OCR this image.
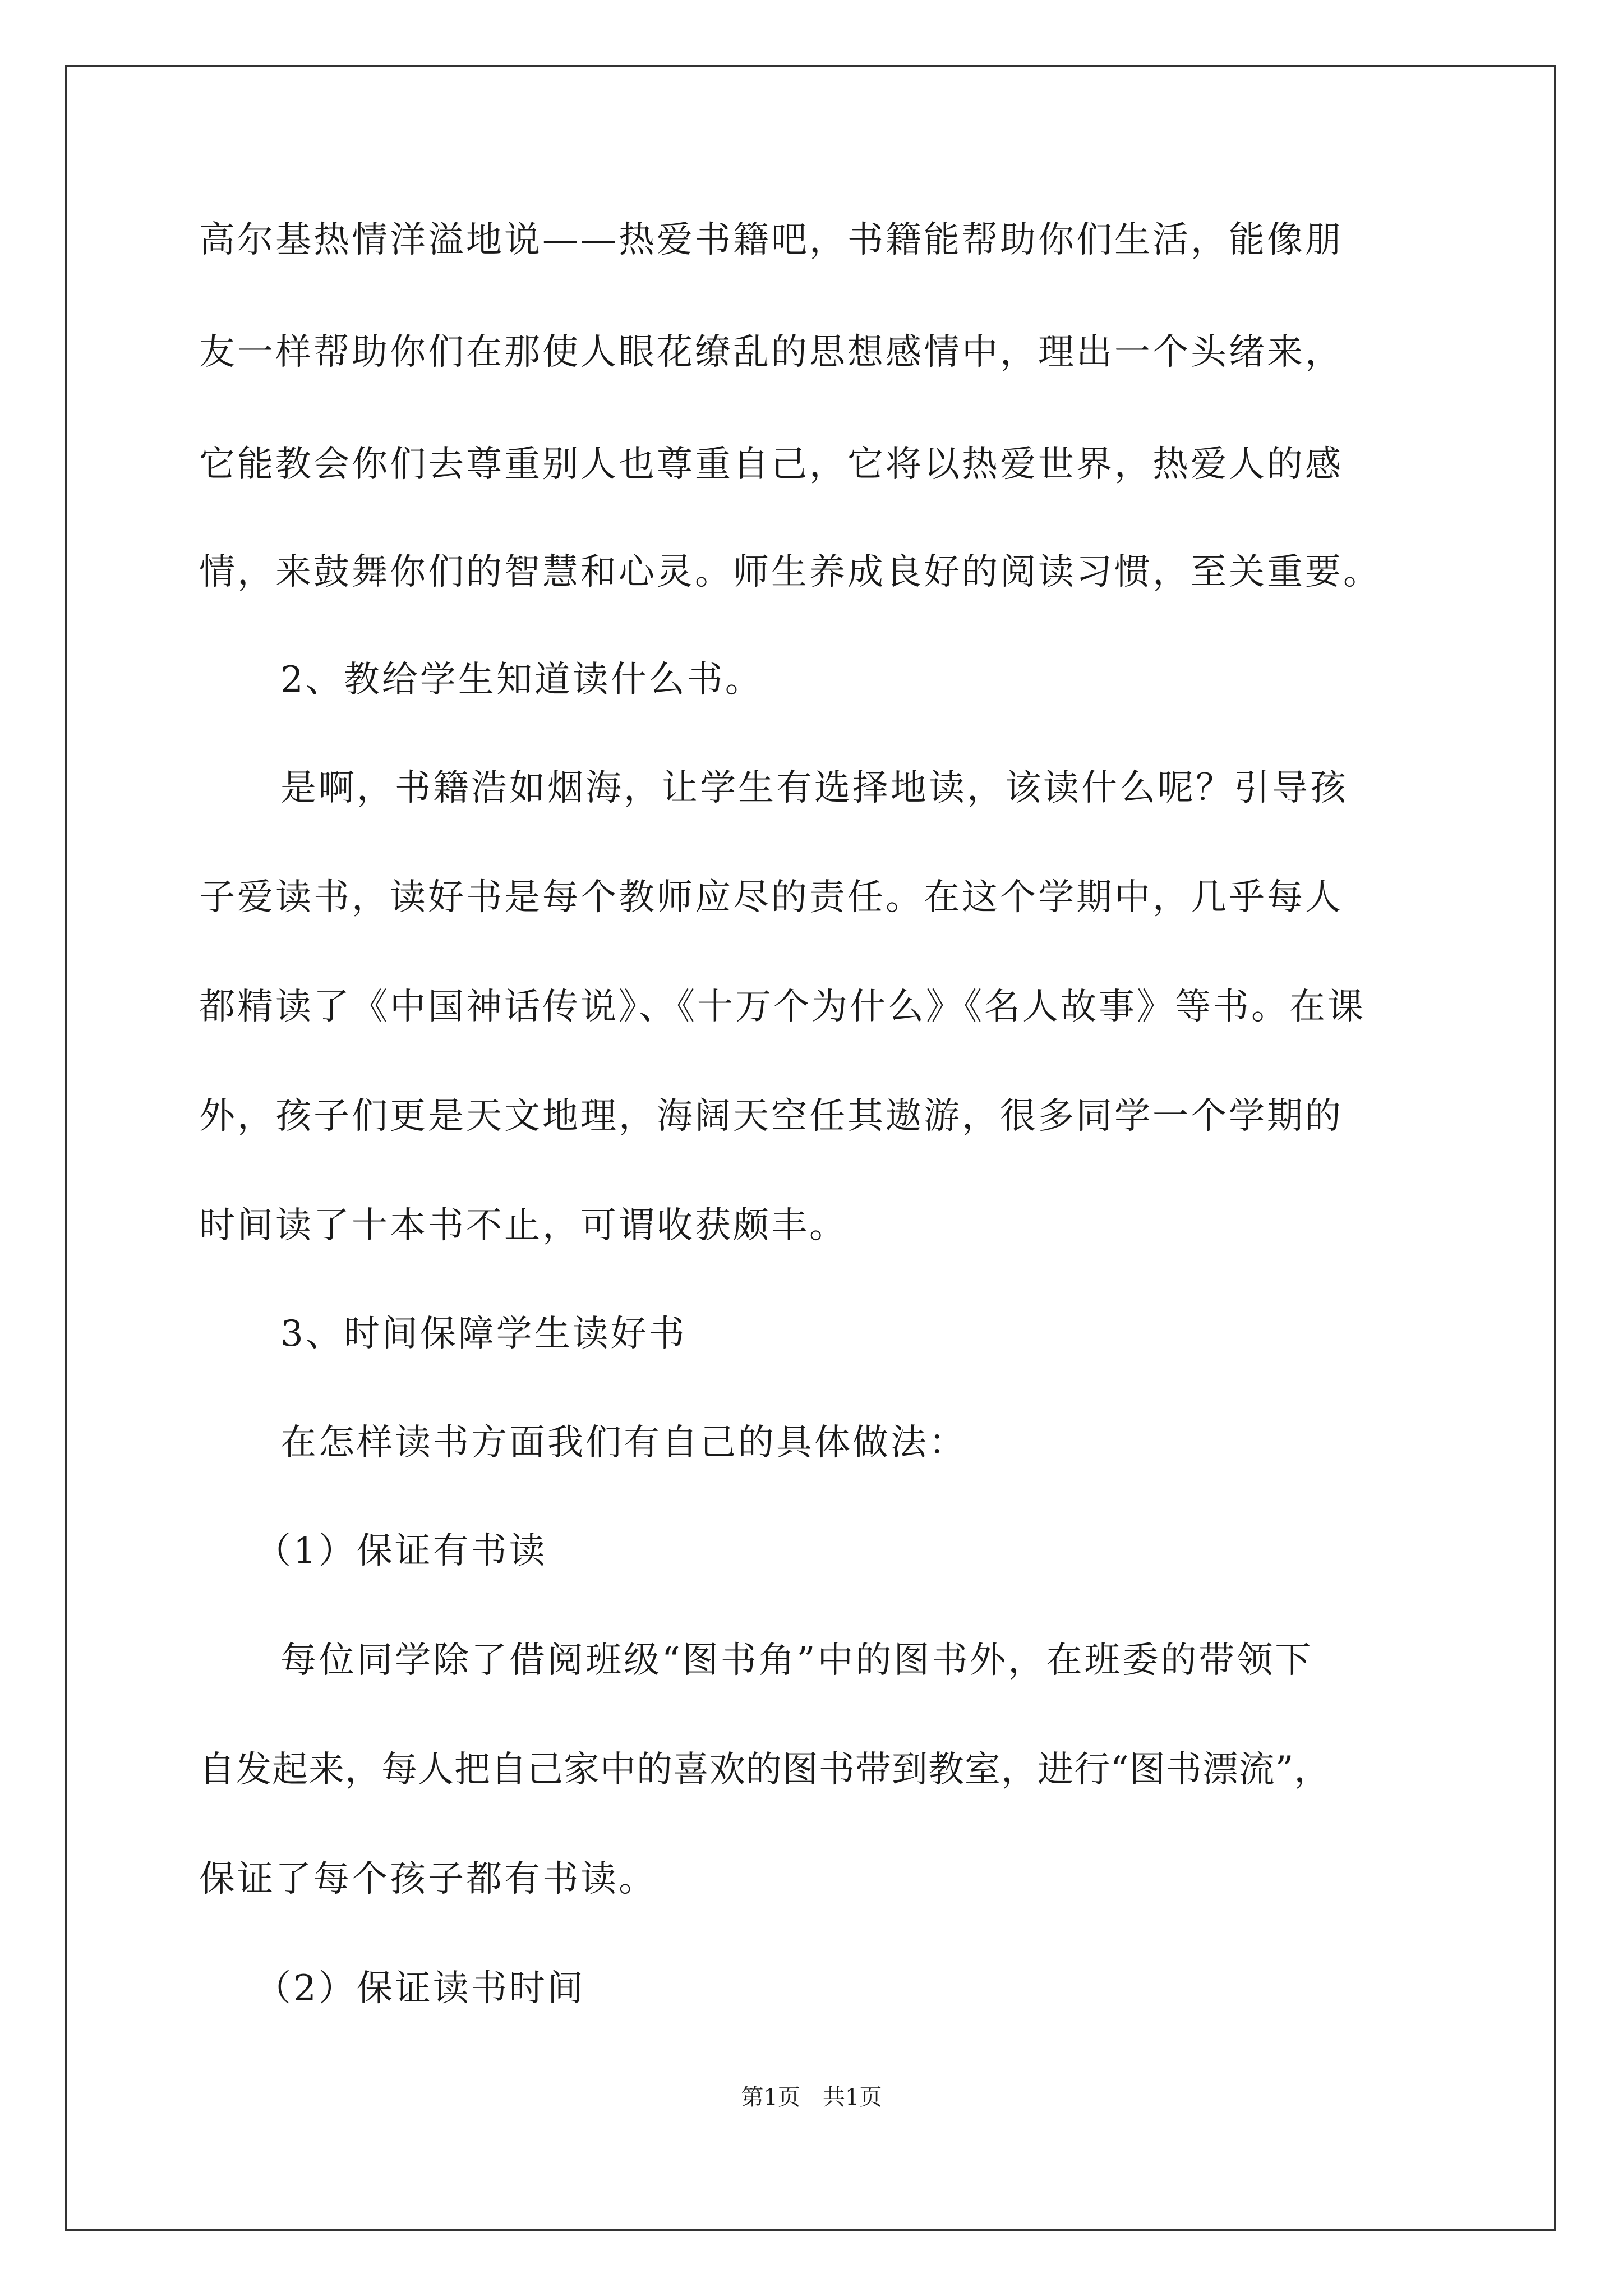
高尔基热情洋溢地说——热爱书籍吧，书籍能帮助你们生活，能像朋
友一样帮助你们在那使人眼花缭乱的思想感情中，理出一个头绪来，
它能教会你们去尊重别人也尊重自己，它将以热爱世界，热爱人的感
情，来鼓舞你们的智慧和心灵。师生养成良好的阅读习惯，至关重要。
2、教给学生知道读什么书。
是啊，书籍浩如烟海，让学生有选择地读，该读什么呢？引导孩
子爱读书，读好书是每个教师应尽的责任。在这个学期中，几乎每人
都精读了《中国神话传说》、《十万个为什么》《名人故事》等书。在课
外，孩子们更是天文地理，海阔天空任其遨游，很多同学一个学期的
时间读了十本书不止，可谓收获颇丰。
3、时间保障学生读好书
在怎样读书方面我们有自己的具体做法：
（1）保证有书读
每位同学除了借阅班级“图书角”中的图书外，在班委的带领下
自发起来，每人把自己家中的喜欢的图书带到教室，进行“图书漂流”，
保证了每个孩子都有书读。
（2）保证读书时间
第1页　共1页
